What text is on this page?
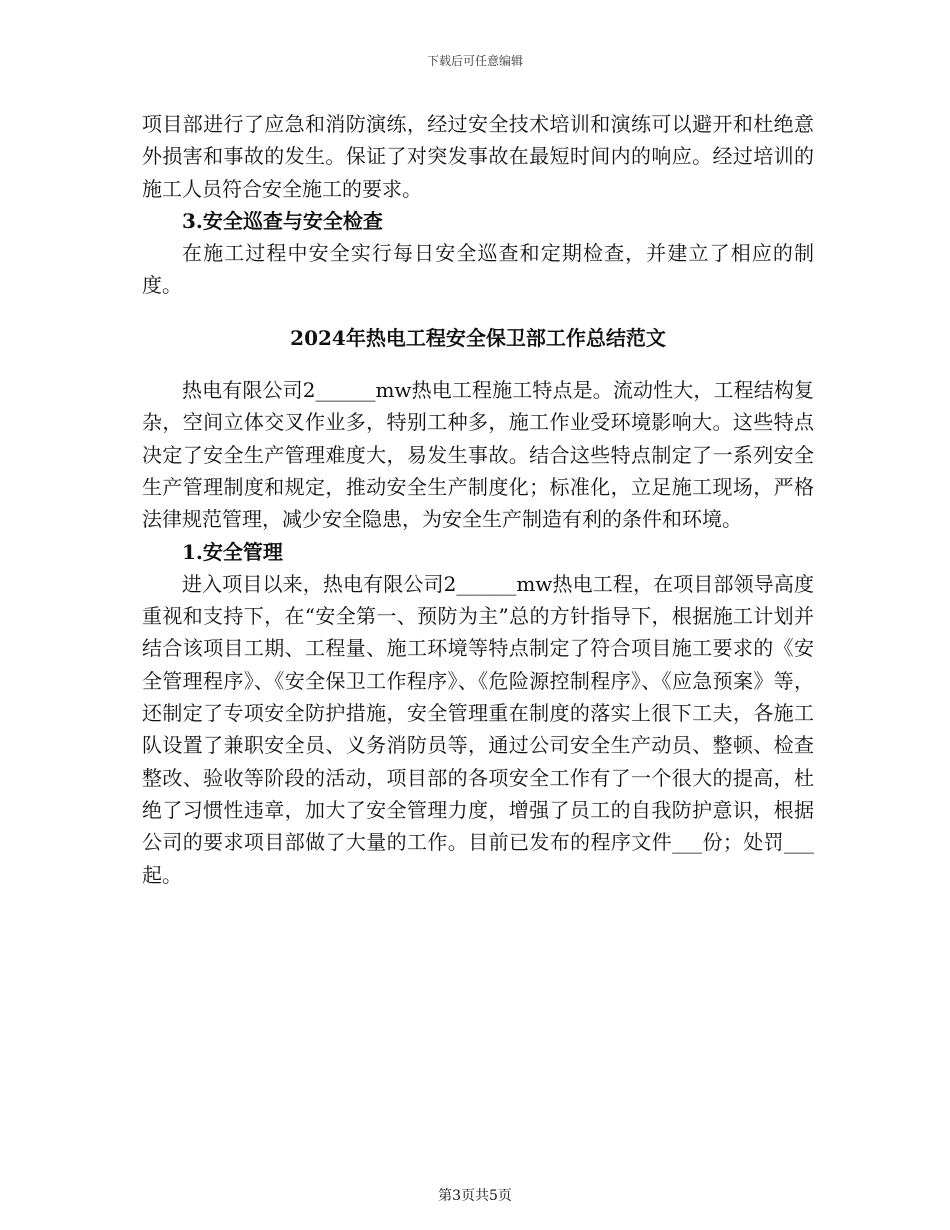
下载后可任意编辑

项目部进行了应急和消防演练，经过安全技术培训和演练可以避开和杜绝意外损害和事故的发生。保证了对突发事故在最短时间内的响应。经过培训的施工人员符合安全施工的要求。

3.安全巡查与安全检查

在施工过程中安全实行每日安全巡查和定期检查，并建立了相应的制度。

2024年热电工程安全保卫部工作总结范文

热电有限公司2______mw热电工程施工特点是。流动性大，工程结构复杂，空间立体交叉作业多，特别工种多，施工作业受环境影响大。这些特点决定了安全生产管理难度大，易发生事故。结合这些特点制定了一系列安全生产管理制度和规定，推动安全生产制度化；标准化，立足施工现场，严格法律规范管理，减少安全隐患，为安全生产制造有利的条件和环境。

1.安全管理

进入项目以来，热电有限公司2______mw热电工程，在项目部领导高度重视和支持下，在“安全第一、预防为主”总的方针指导下，根据施工计划并结合该项目工期、工程量、施工环境等特点制定了符合项目施工要求的《安全管理程序》、《安全保卫工作程序》、《危险源控制程序》、《应急预案》等，还制定了专项安全防护措施，安全管理重在制度的落实上很下工夫，各施工队设置了兼职安全员、义务消防员等，通过公司安全生产动员、整顿、检查整改、验收等阶段的活动，项目部的各项安全工作有了一个很大的提高，杜绝了习惯性违章，加大了安全管理力度，增强了员工的自我防护意识，根据公司的要求项目部做了大量的工作。目前已发布的程序文件___份；处罚___起。

第3页共5页
